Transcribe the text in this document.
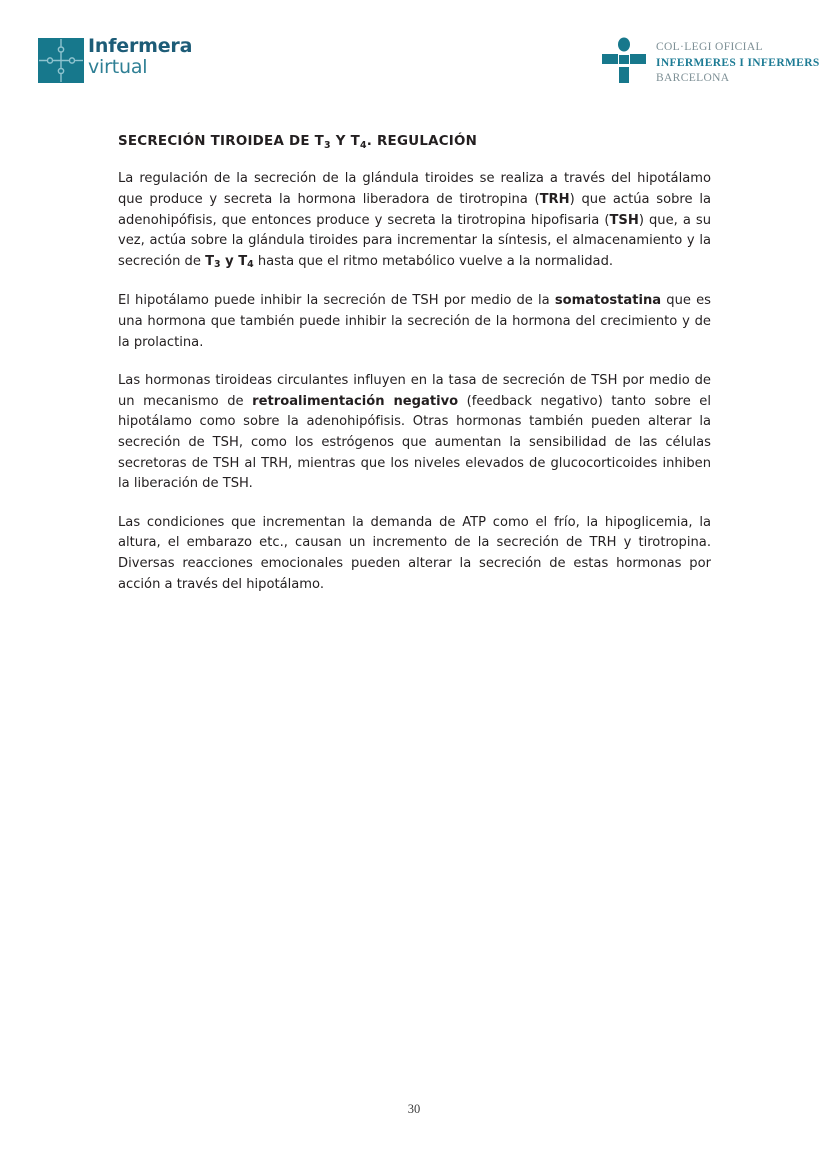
Infermera
virtual
COL·LEGI OFICIAL
INFERMERES I INFERMERS
BARCELONA
SECRECIÓN TIROIDEA DE $T_3$ Y $T_4$. REGULACIÓN

La regulación de la secreción de la glándula tiroides se realiza a través del hipotálamo que produce y secreta la hormona liberadora de tirotropina (TRH) que actúa sobre la adenohipófisis, que entonces produce y secreta la tirotropina hipofisaria (TSH) que, a su vez, actúa sobre la glándula tiroides para incrementar la síntesis, el almacenamiento y la secreción de $T_3$ y $T_4$ hasta que el ritmo metabólico vuelve a la normalidad.

El hipotálamo puede inhibir la secreción de TSH por medio de la somatostatina que es una hormona que también puede inhibir la secreción de la hormona del crecimiento y de la prolactina.

Las hormonas tiroideas circulantes influyen en la tasa de secreción de TSH por medio de un mecanismo de retroalimentación negativo (feedback negativo) tanto sobre el hipotálamo como sobre la adenohipófisis. Otras hormonas también pueden alterar la secreción de TSH, como los estrógenos que aumentan la sensibilidad de las células secretoras de TSH al TRH, mientras que los niveles elevados de glucocorticoides inhiben la liberación de TSH.

Las condiciones que incrementan la demanda de ATP como el frío, la hipoglicemia, la altura, el embarazo etc., causan un incremento de la secreción de TRH y tirotropina. Diversas reacciones emocionales pueden alterar la secreción de estas hormonas por acción a través del hipotálamo.

30
